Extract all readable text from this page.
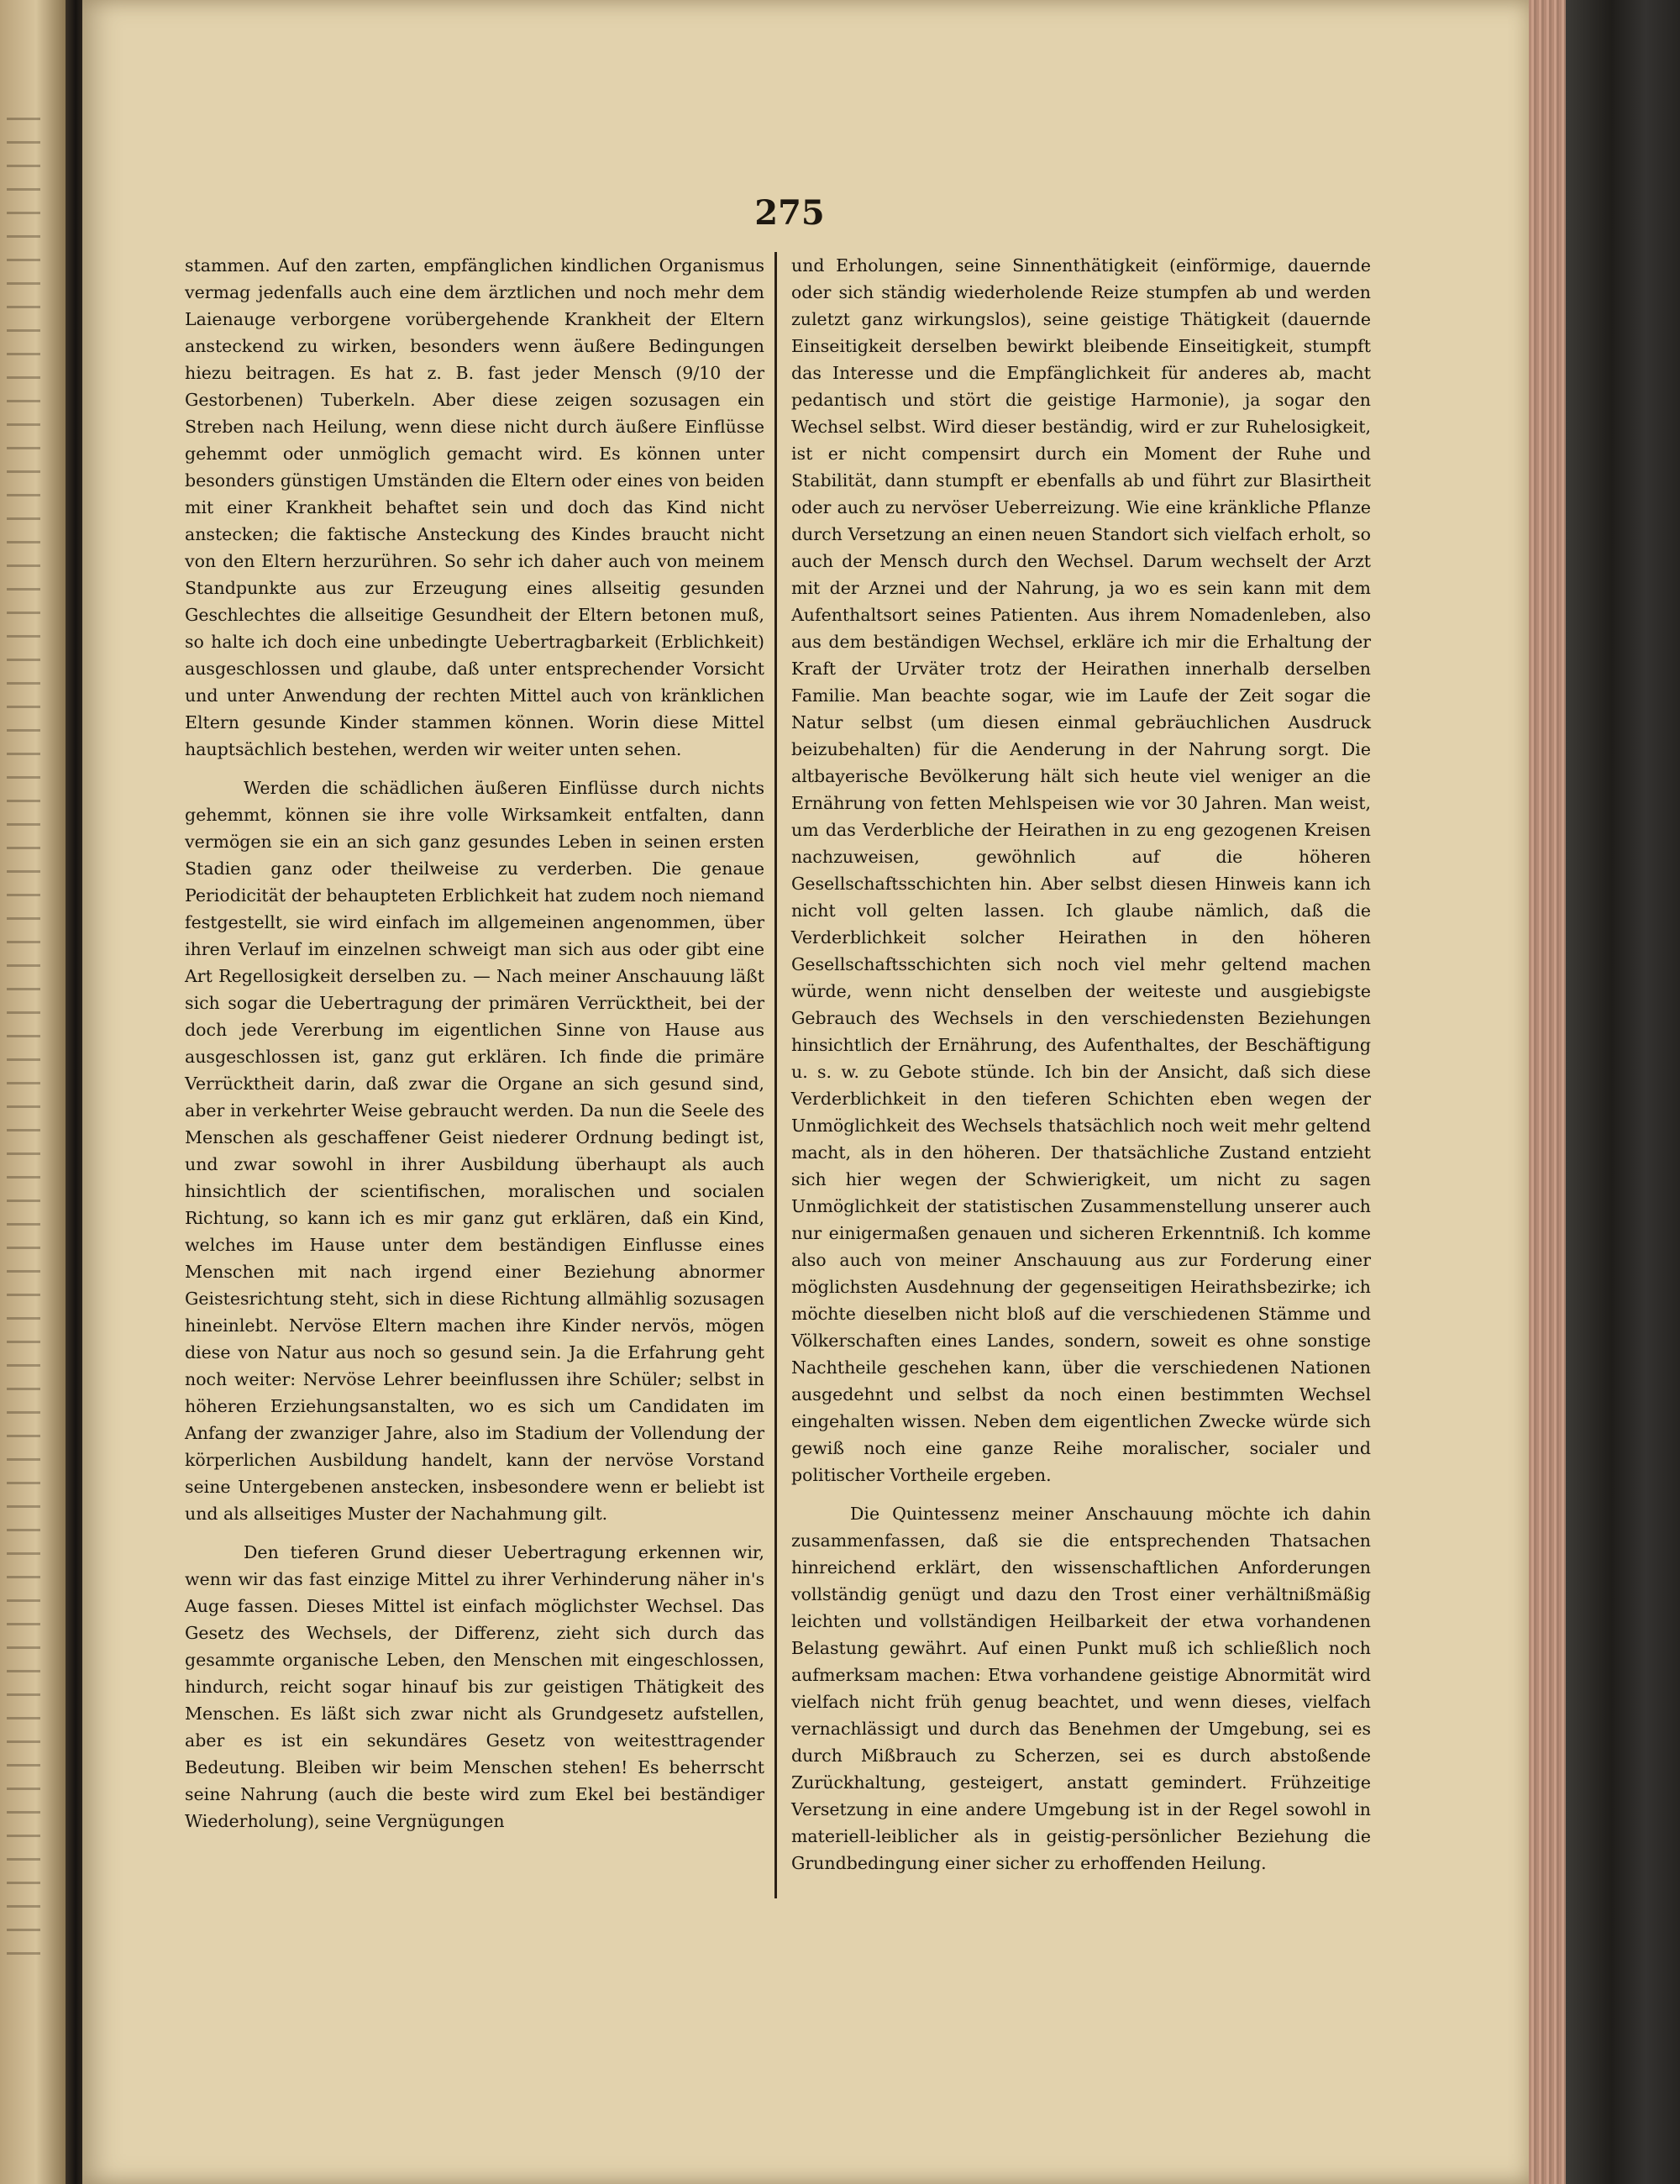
275

stammen. Auf den zarten, empfänglichen kindlichen Organismus vermag jedenfalls auch eine dem ärztlichen und noch mehr dem Laienauge verborgene vorübergehende Krankheit der Eltern ansteckend zu wirken, besonders wenn äußere Bedingungen hiezu beitragen. Es hat z. B. fast jeder Mensch (9/10 der Gestorbenen) Tuberkeln. Aber diese zeigen sozusagen ein Streben nach Heilung, wenn diese nicht durch äußere Einflüsse gehemmt oder unmöglich gemacht wird. Es können unter besonders günstigen Umständen die Eltern oder eines von beiden mit einer Krankheit behaftet sein und doch das Kind nicht anstecken; die faktische Ansteckung des Kindes braucht nicht von den Eltern herzurühren. So sehr ich daher auch von meinem Standpunkte aus zur Erzeugung eines allseitig gesunden Geschlechtes die allseitige Gesundheit der Eltern betonen muß, so halte ich doch eine unbedingte Uebertragbarkeit (Erblichkeit) ausgeschlossen und glaube, daß unter entsprechender Vorsicht und unter Anwendung der rechten Mittel auch von kränklichen Eltern gesunde Kinder stammen können. Worin diese Mittel hauptsächlich bestehen, werden wir weiter unten sehen.

Werden die schädlichen äußeren Einflüsse durch nichts gehemmt, können sie ihre volle Wirksamkeit entfalten, dann vermögen sie ein an sich ganz gesundes Leben in seinen ersten Stadien ganz oder theilweise zu verderben. Die genaue Periodicität der behaupteten Erblichkeit hat zudem noch niemand festgestellt, sie wird einfach im allgemeinen angenommen, über ihren Verlauf im einzelnen schweigt man sich aus oder gibt eine Art Regellosigkeit derselben zu. — Nach meiner Anschauung läßt sich sogar die Uebertragung der primären Verrücktheit, bei der doch jede Vererbung im eigentlichen Sinne von Hause aus ausgeschlossen ist, ganz gut erklären. Ich finde die primäre Verrücktheit darin, daß zwar die Organe an sich gesund sind, aber in verkehrter Weise gebraucht werden. Da nun die Seele des Menschen als geschaffener Geist niederer Ordnung bedingt ist, und zwar sowohl in ihrer Ausbildung überhaupt als auch hinsichtlich der scientifischen, moralischen und socialen Richtung, so kann ich es mir ganz gut erklären, daß ein Kind, welches im Hause unter dem beständigen Einflusse eines Menschen mit nach irgend einer Beziehung abnormer Geistesrichtung steht, sich in diese Richtung allmählig sozusagen hineinlebt. Nervöse Eltern machen ihre Kinder nervös, mögen diese von Natur aus noch so gesund sein. Ja die Erfahrung geht noch weiter: Nervöse Lehrer beeinflussen ihre Schüler; selbst in höheren Erziehungsanstalten, wo es sich um Candidaten im Anfang der zwanziger Jahre, also im Stadium der Vollendung der körperlichen Ausbildung handelt, kann der nervöse Vorstand seine Untergebenen anstecken, insbesondere wenn er beliebt ist und als allseitiges Muster der Nachahmung gilt.

Den tieferen Grund dieser Uebertragung erkennen wir, wenn wir das fast einzige Mittel zu ihrer Verhinderung näher in's Auge fassen. Dieses Mittel ist einfach möglichster Wechsel. Das Gesetz des Wechsels, der Differenz, zieht sich durch das gesammte organische Leben, den Menschen mit eingeschlossen, hindurch, reicht sogar hinauf bis zur geistigen Thätigkeit des Menschen. Es läßt sich zwar nicht als Grundgesetz aufstellen, aber es ist ein sekundäres Gesetz von weitesttragender Bedeutung. Bleiben wir beim Menschen stehen! Es beherrscht seine Nahrung (auch die beste wird zum Ekel bei beständiger Wiederholung), seine Vergnügungen

und Erholungen, seine Sinnenthätigkeit (einförmige, dauernde oder sich ständig wiederholende Reize stumpfen ab und werden zuletzt ganz wirkungslos), seine geistige Thätigkeit (dauernde Einseitigkeit derselben bewirkt bleibende Einseitigkeit, stumpft das Interesse und die Empfänglichkeit für anderes ab, macht pedantisch und stört die geistige Harmonie), ja sogar den Wechsel selbst. Wird dieser beständig, wird er zur Ruhelosigkeit, ist er nicht compensirt durch ein Moment der Ruhe und Stabilität, dann stumpft er ebenfalls ab und führt zur Blasirtheit oder auch zu nervöser Ueberreizung. Wie eine kränkliche Pflanze durch Versetzung an einen neuen Standort sich vielfach erholt, so auch der Mensch durch den Wechsel. Darum wechselt der Arzt mit der Arznei und der Nahrung, ja wo es sein kann mit dem Aufenthaltsort seines Patienten. Aus ihrem Nomadenleben, also aus dem beständigen Wechsel, erkläre ich mir die Erhaltung der Kraft der Urväter trotz der Heirathen innerhalb derselben Familie. Man beachte sogar, wie im Laufe der Zeit sogar die Natur selbst (um diesen einmal gebräuchlichen Ausdruck beizubehalten) für die Aenderung in der Nahrung sorgt. Die altbayerische Bevölkerung hält sich heute viel weniger an die Ernährung von fetten Mehlspeisen wie vor 30 Jahren. Man weist, um das Verderbliche der Heirathen in zu eng gezogenen Kreisen nachzuweisen, gewöhnlich auf die höheren Gesellschaftsschichten hin. Aber selbst diesen Hinweis kann ich nicht voll gelten lassen. Ich glaube nämlich, daß die Verderblichkeit solcher Heirathen in den höheren Gesellschaftsschichten sich noch viel mehr geltend machen würde, wenn nicht denselben der weiteste und ausgiebigste Gebrauch des Wechsels in den verschiedensten Beziehungen hinsichtlich der Ernährung, des Aufenthaltes, der Beschäftigung u. s. w. zu Gebote stünde. Ich bin der Ansicht, daß sich diese Verderblichkeit in den tieferen Schichten eben wegen der Unmöglichkeit des Wechsels thatsächlich noch weit mehr geltend macht, als in den höheren. Der thatsächliche Zustand entzieht sich hier wegen der Schwierigkeit, um nicht zu sagen Unmöglichkeit der statistischen Zusammenstellung unserer auch nur einigermaßen genauen und sicheren Erkenntniß. Ich komme also auch von meiner Anschauung aus zur Forderung einer möglichsten Ausdehnung der gegenseitigen Heirathsbezirke; ich möchte dieselben nicht bloß auf die verschiedenen Stämme und Völkerschaften eines Landes, sondern, soweit es ohne sonstige Nachtheile geschehen kann, über die verschiedenen Nationen ausgedehnt und selbst da noch einen bestimmten Wechsel eingehalten wissen. Neben dem eigentlichen Zwecke würde sich gewiß noch eine ganze Reihe moralischer, socialer und politischer Vortheile ergeben.

Die Quintessenz meiner Anschauung möchte ich dahin zusammenfassen, daß sie die entsprechenden Thatsachen hinreichend erklärt, den wissenschaftlichen Anforderungen vollständig genügt und dazu den Trost einer verhältnißmäßig leichten und vollständigen Heilbarkeit der etwa vorhandenen Belastung gewährt. Auf einen Punkt muß ich schließlich noch aufmerksam machen: Etwa vorhandene geistige Abnormität wird vielfach nicht früh genug beachtet, und wenn dieses, vielfach vernachlässigt und durch das Benehmen der Umgebung, sei es durch Mißbrauch zu Scherzen, sei es durch abstoßende Zurückhaltung, gesteigert, anstatt gemindert. Frühzeitige Versetzung in eine andere Umgebung ist in der Regel sowohl in materiell-leiblicher als in geistig-persönlicher Beziehung die Grundbedingung einer sicher zu erhoffenden Heilung.
